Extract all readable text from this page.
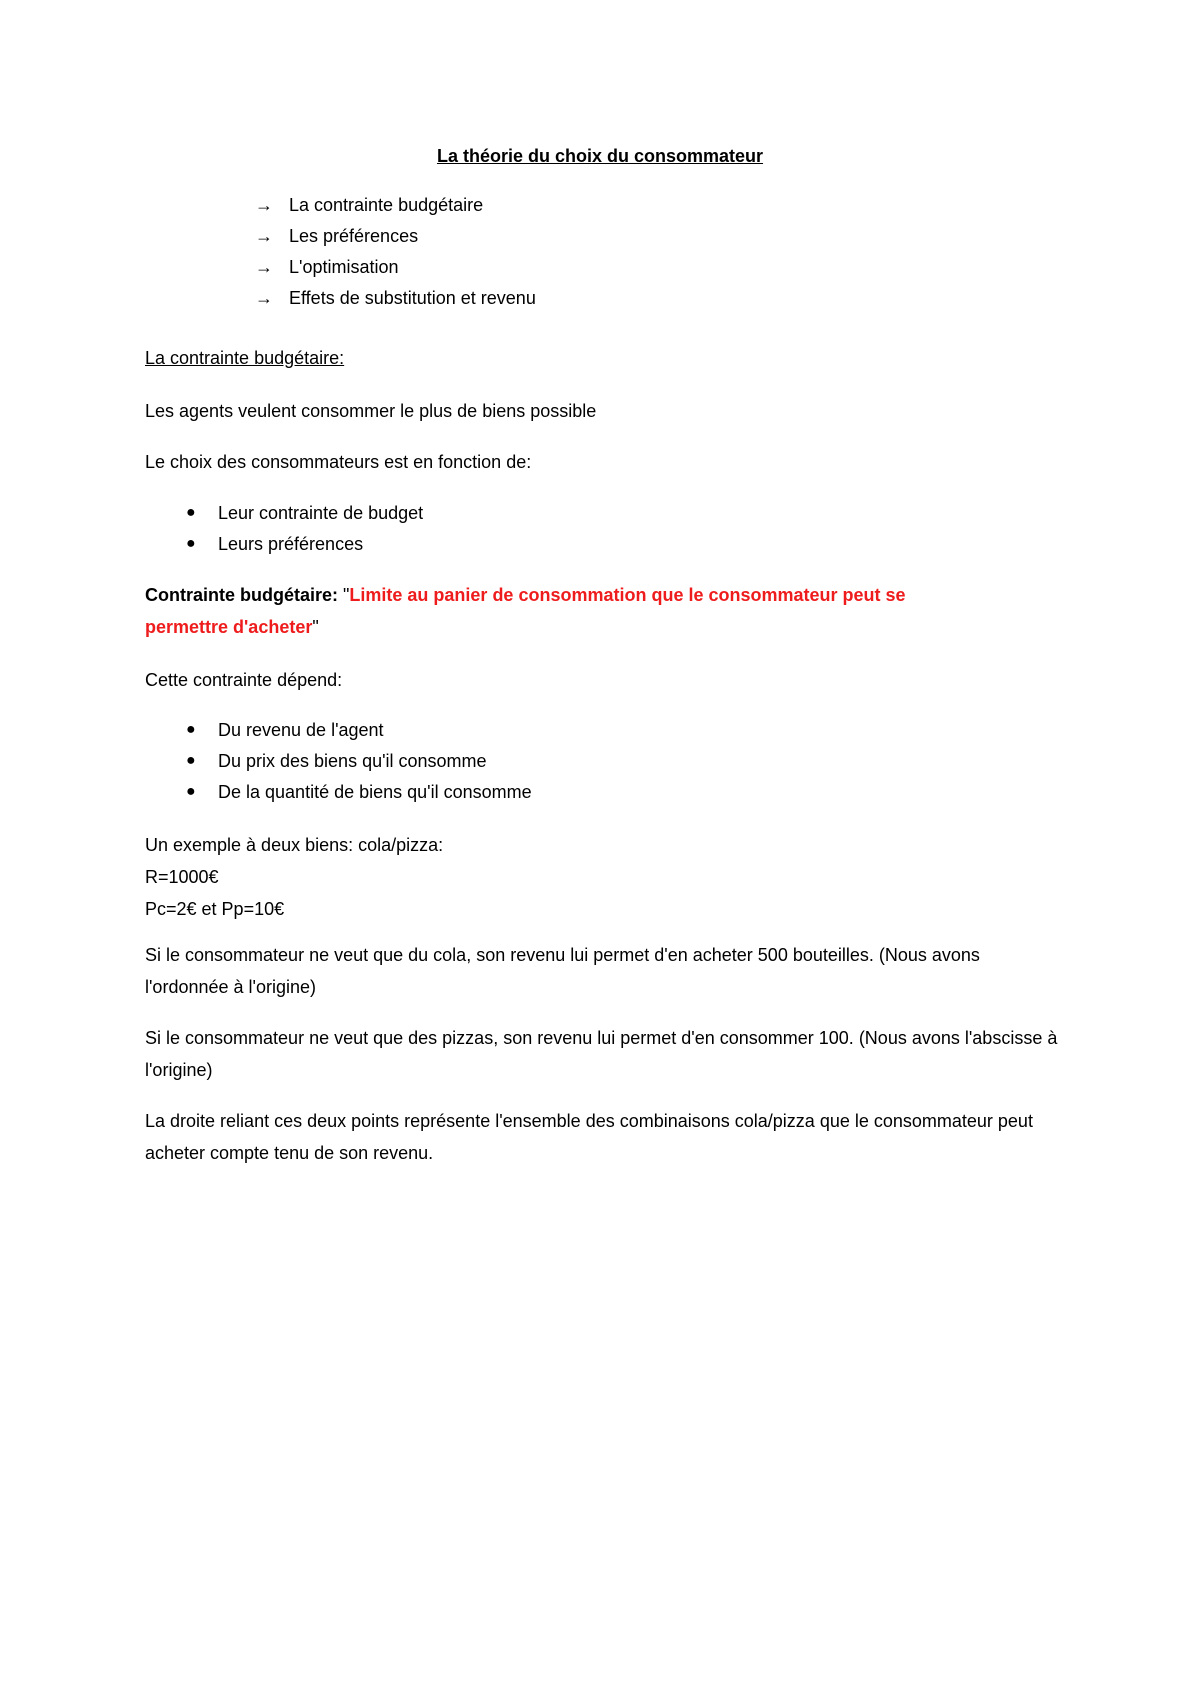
La théorie du choix du consommateur
→ La contrainte budgétaire
→ Les préférences
→ L'optimisation
→ Effets de substitution et revenu

La contrainte budgétaire:

Les agents veulent consommer le plus de biens possible

Le choix des consommateurs est en fonction de:

●	Leur contrainte de budget
●	Leurs préférences

Contrainte budgétaire: "Limite au panier de consommation que le consommateur peut se permettre d'acheter"

Cette contrainte dépend:

●	Du revenu de l'agent
●	Du prix des biens qu'il consomme
●	De la quantité de biens qu'il consomme
Un exemple à deux biens: cola/pizza:
R=1000€
Pc=2€ et Pp=10€

Si le consommateur ne veut que du cola, son revenu lui permet d'en acheter 500 bouteilles. (Nous avons l'ordonnée à l'origine)

Si le consommateur ne veut que des pizzas, son revenu lui permet d'en consommer 100. (Nous avons l'abscisse à l'origine)

La droite reliant ces deux points représente l'ensemble des combinaisons cola/pizza que le consommateur peut acheter compte tenu de son revenu.
